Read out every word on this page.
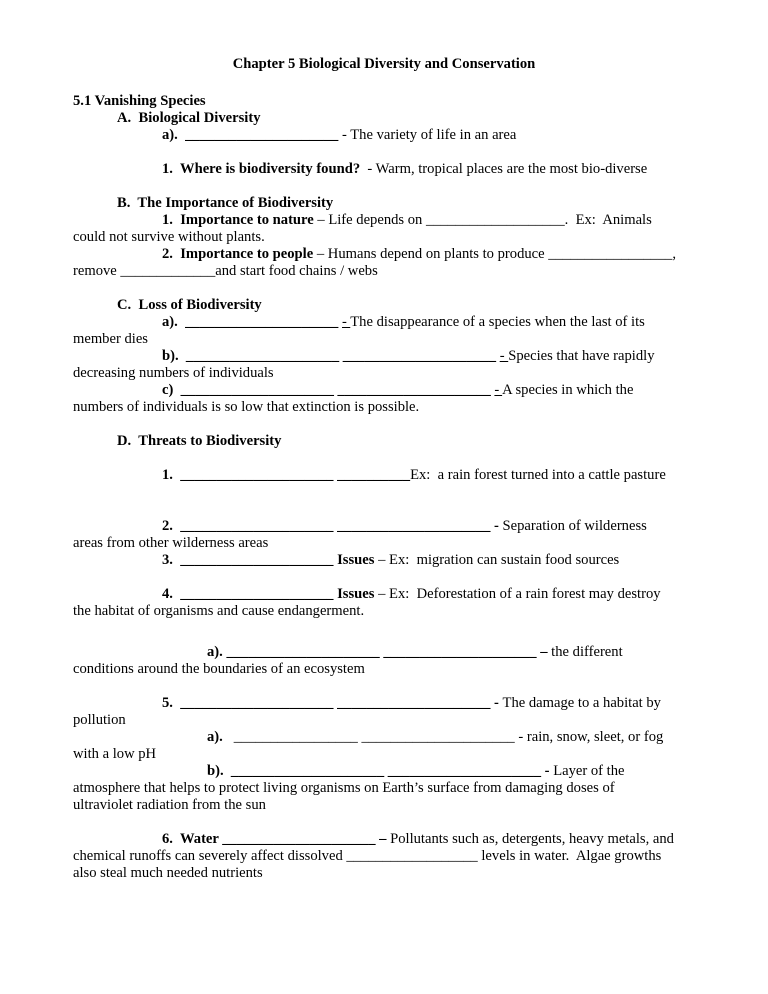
Chapter 5 Biological Diversity and Conservation
5.1 Vanishing Species
A.  Biological Diversity
a).  _____________________ - The variety of life in an area
1.  Where is biodiversity found?  - Warm, tropical places are the most bio-diverse
B.  The Importance of Biodiversity
1.  Importance to nature – Life depends on ___________________.  Ex:  Animals
could not survive without plants.
2.  Importance to people – Humans depend on plants to produce _________________,
remove _____________and start food chains / webs
C.  Loss of Biodiversity
a).  _____________________ - The disappearance of a species when the last of its
member dies
b).  _____________________ _____________________ - Species that have rapidly
decreasing numbers of individuals
c)  _____________________ _____________________ - A species in which the
numbers of individuals is so low that extinction is possible.
D.  Threats to Biodiversity
1.  _____________________ __________Ex:  a rain forest turned into a cattle pasture
2.  _____________________ _____________________ - Separation of wilderness
areas from other wilderness areas
3.  _____________________ Issues – Ex:  migration can sustain food sources
4.  _____________________ Issues – Ex:  Deforestation of a rain forest may destroy
the habitat of organisms and cause endangerment.
a). _____________________ _____________________ – the different
conditions around the boundaries of an ecosystem
5.  _____________________ _____________________ - The damage to a habitat by
pollution
a).   _________________ _____________________ - rain, snow, sleet, or fog
with a low pH
b).  _____________________ _____________________ - Layer of the
atmosphere that helps to protect living organisms on Earth’s surface from damaging doses of
ultraviolet radiation from the sun
6.  Water _____________________ – Pollutants such as, detergents, heavy metals, and
chemical runoffs can severely affect dissolved __________________ levels in water.  Algae growths
also steal much needed nutrients
